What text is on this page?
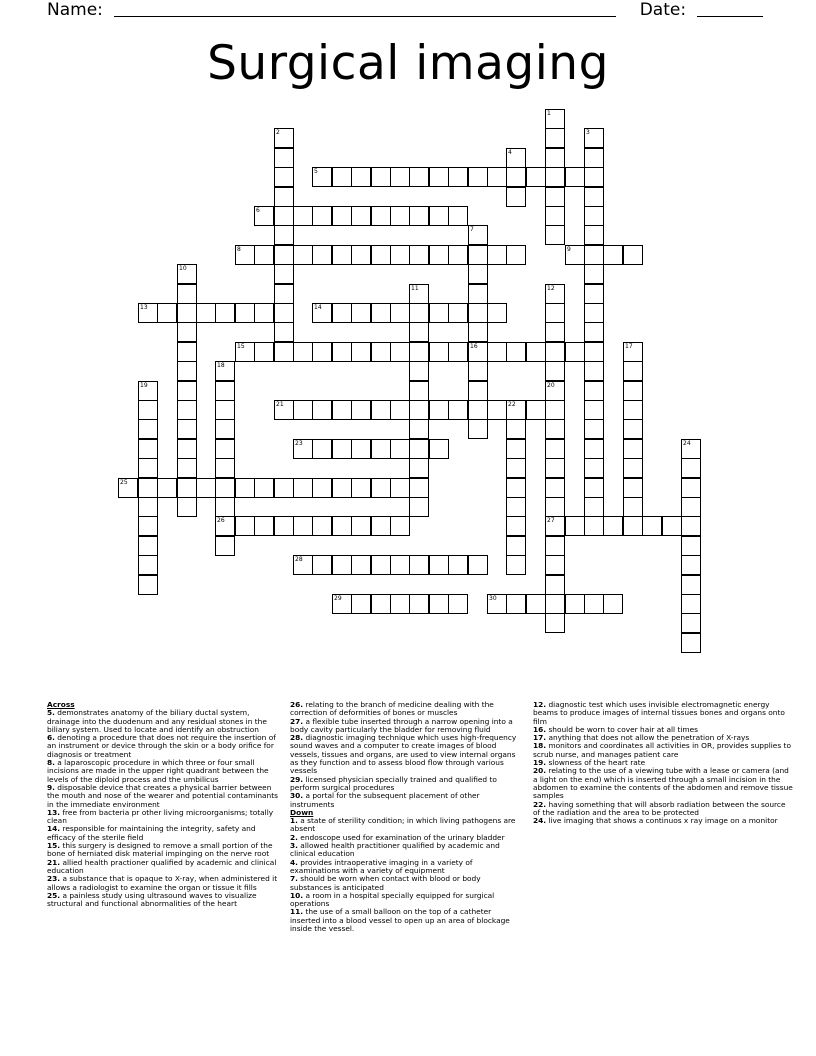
Name:	Date:
Surgical imaging
5
6
8	9
13	14
15	16
21	22
23
25
26	27
28
29	30
1
2	3
4
7
10
11	12
20
17
18
19
24
Across
5. demonstrates anatomy of the biliary ductal system, drainage into the duodenum and any residual stones in the biliary system. Used to locate and identify an obstruction
6. denoting a procedure that does not require the insertion of an instrument or device through the skin or a body orifice for diagnosis or treatment
8. a laparoscopic procedure in which three or four small incisions are made in the upper right quadrant between the levels of the diploid process and the umbilicus
9. disposable device that creates a physical barrier between the mouth and nose of the wearer and potential contaminants in the immediate environment
13. free from bacteria pr other living microorganisms; totally clean
14. responsible for maintaining the integrity, safety and efficacy of the sterile field
15. this surgery is designed to remove a small portion of the bone of herniated disk material impinging on the nerve root
21. allied health practioner qualified by academic and clinical education
23. a substance that is opaque to X-ray, when administered it allows a radiologist to examine the organ or tissue it fills
25. a painless study using ultrasound waves to visualize structural and functional abnormalities of the heart
26. relating to the branch of medicine dealing with the correction of deformities of bones or muscles
27. a flexible tube inserted through a narrow opening into a body cavity particularly the bladder for removing fluid
28. diagnostic imaging technique which uses high-frequency sound waves and a computer to create images of blood vessels, tissues and organs, are used to view internal organs as they function and to assess blood flow through various vessels
29. licensed physician specially trained and qualified to perform surgical procedures
30. a portal for the subsequent placement of other instruments
Down
1. a state of sterility condition; in which living pathogens are absent
2. endoscope used for examination of the urinary bladder
3. allowed health practitioner qualified by academic and clinical education
4. provides intraoperative imaging in a variety of examinations with a variety of equipment
7. should be worn when contact with blood or body substances is anticipated
10. a room in a hospital specially equipped for surgical operations
11. the use of a small balloon on the top of a catheter inserted into a blood vessel to open up an area of blockage inside the vessel.
12. diagnostic test which uses invisible electromagnetic energy beams to produce images of internal tissues bones and organs onto film
16. should be worn to cover hair at all times
17. anything that does not allow the penetration of X-rays
18. monitors and coordinates all activities in OR, provides supplies to scrub nurse, and manages patient care
19. slowness of the heart rate
20. relating to the use of a viewing tube with a lease or camera (and a light on the end) which is inserted through a small incision in the abdomen to examine the contents of the abdomen and remove tissue samples
22. having something that will absorb radiation between the source of the radiation and the area to be protected
24. live imaging that shows a continuos x ray image on a monitor
